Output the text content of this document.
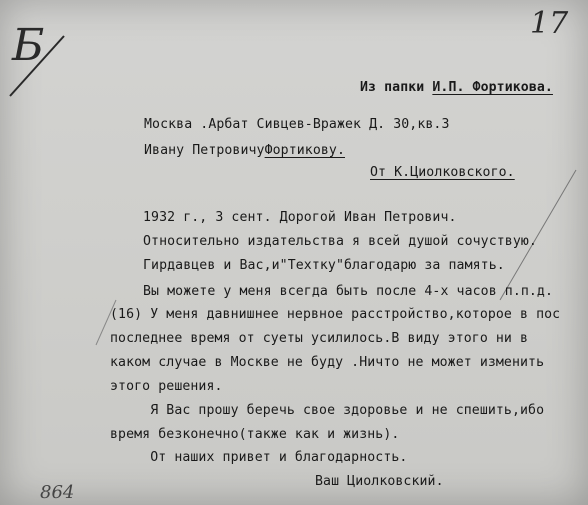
Б	17
864
Из папки И.П. Фортикова.
Москва .Арбат Сивцев-Вражек Д. 30,кв.3
Ивану ПетровичуФортикову.
От К.Циолковского.
1932 г., 3 сент. Дорогой Иван Петрович.
Относительно издательства я всей душой сочуствую.
Гирдавцев и Вас,и"Техтку"благодарю за память.
Вы можете у меня всегда быть после 4-х часов п.п.д.
(16) У меня давнишнее нервное расстройство,которое в пос
последнее время от суеты усилилось.В виду этого ни в
каком случае в Москве не буду .Ничто не может изменить
этого решения.
Я Вас прошу беречь свое здоровье и не спешить,ибо
время безконечно(также как и жизнь).
От наших привет и благодарность.
Ваш Циолковский.
